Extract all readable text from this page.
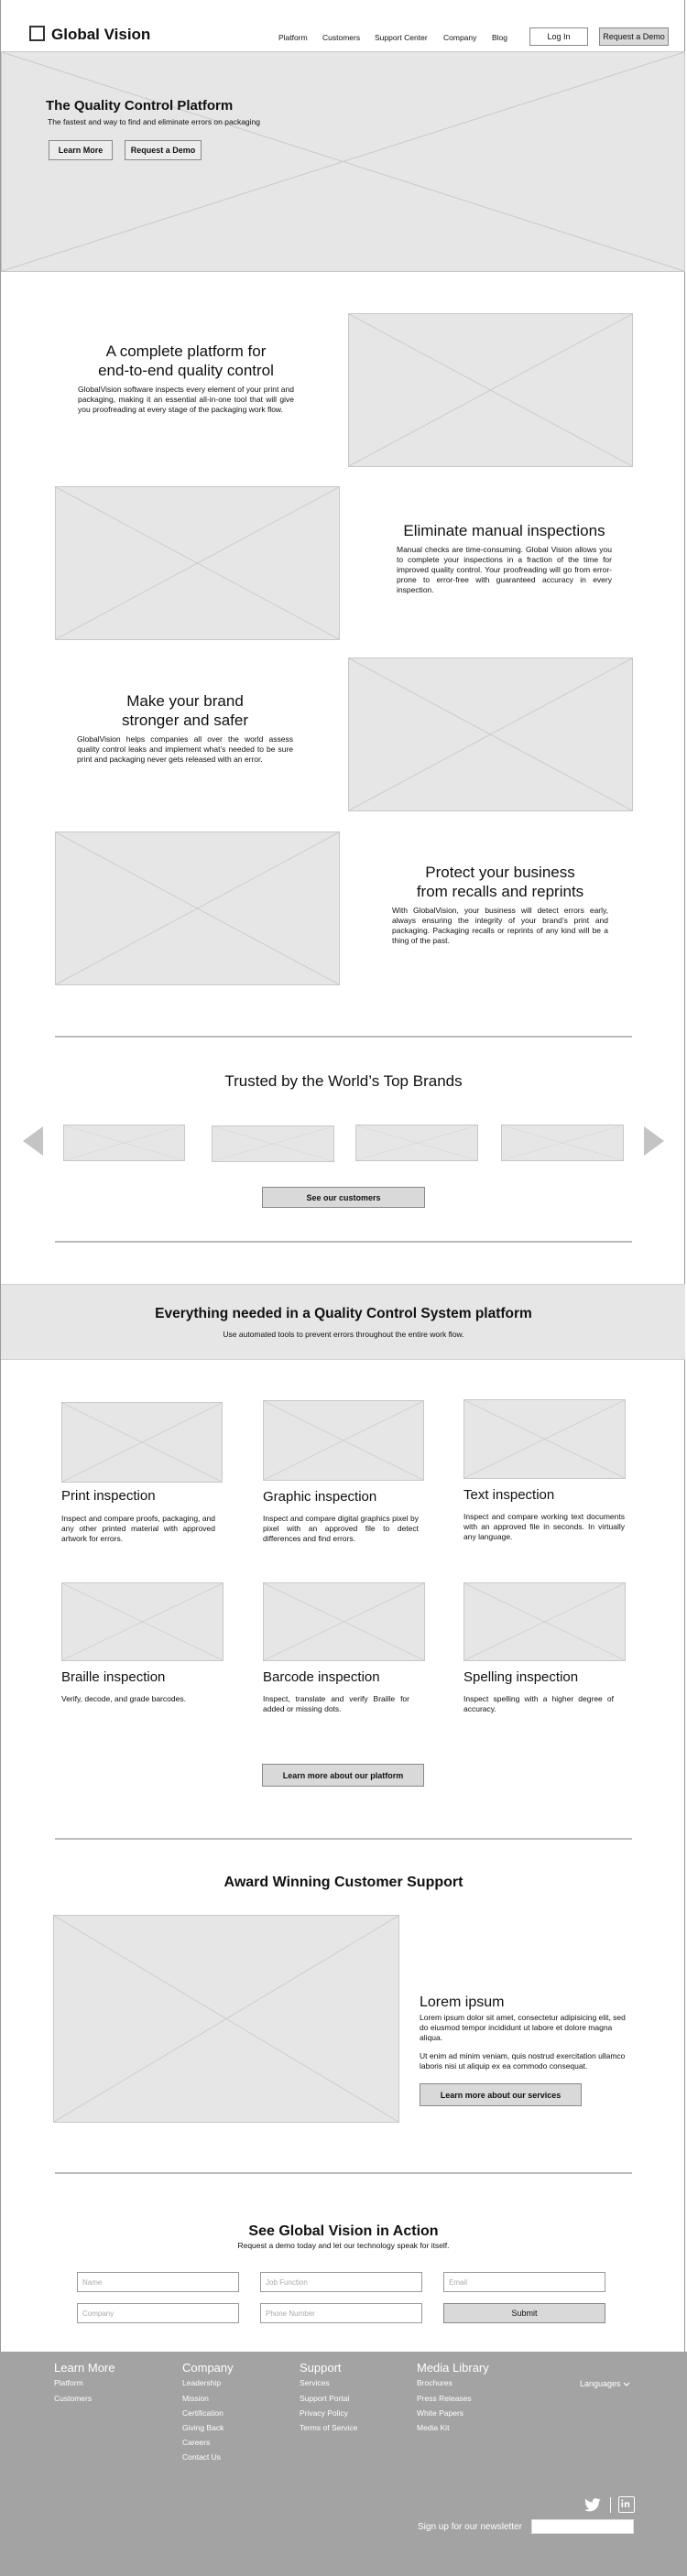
Global Vision	Platform Customers Support Center Company Blog	Log In	Request a Demo
The Quality Control Platform
The fastest and way to find and eliminate errors on packaging
Learn More	Request a Demo
A complete platform for
end-to-end quality control
GlobalVision software inspects every element of your print and packaging, making it an essential all-in-one tool that will give you proofreading at every stage of the packaging work flow.
Eliminate manual inspections
Manual checks are time-consuming. Global Vision allows you to complete your inspections in a fraction of the time for improved quality control. Your proofreading will go from error-prone to error-free with guaranteed accuracy in every inspection.
Make your brand
stronger and safer
GlobalVision helps companies all over the world assess quality control leaks and implement what’s needed to be sure print and packaging never gets released with an error.
Protect your business
from recalls and reprints
With GlobalVision, your business will detect errors early, always ensuring the integrity of your brand’s print and packaging. Packaging recalls or reprints of any kind will be a thing of the past.
Trusted by the World’s Top Brands
See our customers
Everything needed in a Quality Control System platform
Use automated tools to prevent errors throughout the entire work flow.
Print inspection
Inspect and compare proofs, packaging, and any other printed material with approved artwork for errors.
Graphic inspection
Inspect and compare digital graphics pixel by pixel with an approved file to detect differences and find errors.
Text inspection
Inspect and compare working text documents with an approved file in seconds. In virtually any language.
Braille inspection
Verify, decode, and grade barcodes.
Barcode inspection
Inspect, translate and verify Braille for added or missing dots.
Spelling inspection
Inspect spelling with a higher degree of accuracy.
Learn more about our platform
Award Winning Customer Support
Lorem ipsum
Lorem ipsum dolor sit amet, consectetur adipisicing elit, sed do eiusmod tempor incididunt ut labore et dolore magna aliqua.
Ut enim ad minim veniam, quis nostrud exercitation ullamco laboris nisi ut aliquip ex ea commodo consequat.
Learn more about our services
See Global Vision in Action
Request a demo today and let our technology speak for itself.
Name	Job Function	Email
Company	Phone Number	Submit
Learn More
Platform
Customers
Company
Leadership
Mission
Certification
Giving Back
Careers
Contact Us
Support
Services
Support Portal
Privacy Policy
Terms of Service
Media Library
Brochures
Press Releases
White Papers
Media Kit
Languages
Sign up for our newsletter
